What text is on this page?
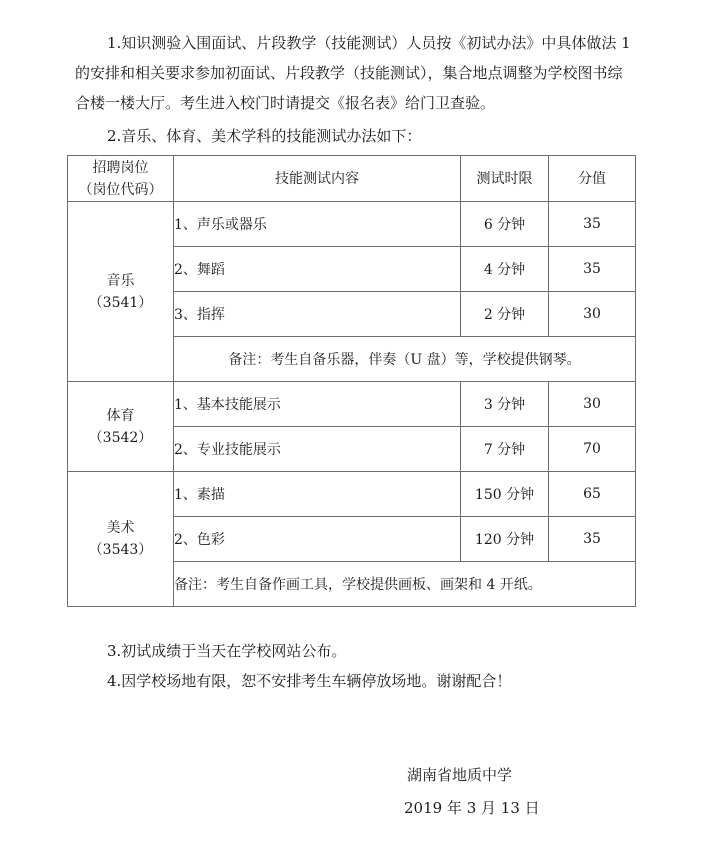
1.知识测验入围面试、片段教学（技能测试）人员按《初试办法》中具体做法 1 的安排和相关要求参加初面试、片段教学（技能测试），集合地点调整为学校图书综合楼一楼大厅。考生进入校门时请提交《报名表》给门卫查验。

2.音乐、体育、美术学科的技能测试办法如下：

招聘岗位
（岗位代码）	技能测试内容	测试时限	分值

音乐
（3541）	1、声乐或器乐	6 分钟	35
	2、舞蹈	4 分钟	35
	3、指挥	2 分钟	30
	备注：考生自备乐器，伴奏（U 盘）等，学校提供钢琴。		

体育
（3542）	1、基本技能展示	3 分钟	30
	2、专业技能展示	7 分钟	70

美术
（3543）	1、素描	150 分钟	65
	2、色彩	120 分钟	35
	备注：考生自备作画工具，学校提供画板、画架和 4 开纸。		

3.初试成绩于当天在学校网站公布。

4.因学校场地有限，恕不安排考生车辆停放场地。谢谢配合！

湖南省地质中学
2019 年 3 月 13 日
